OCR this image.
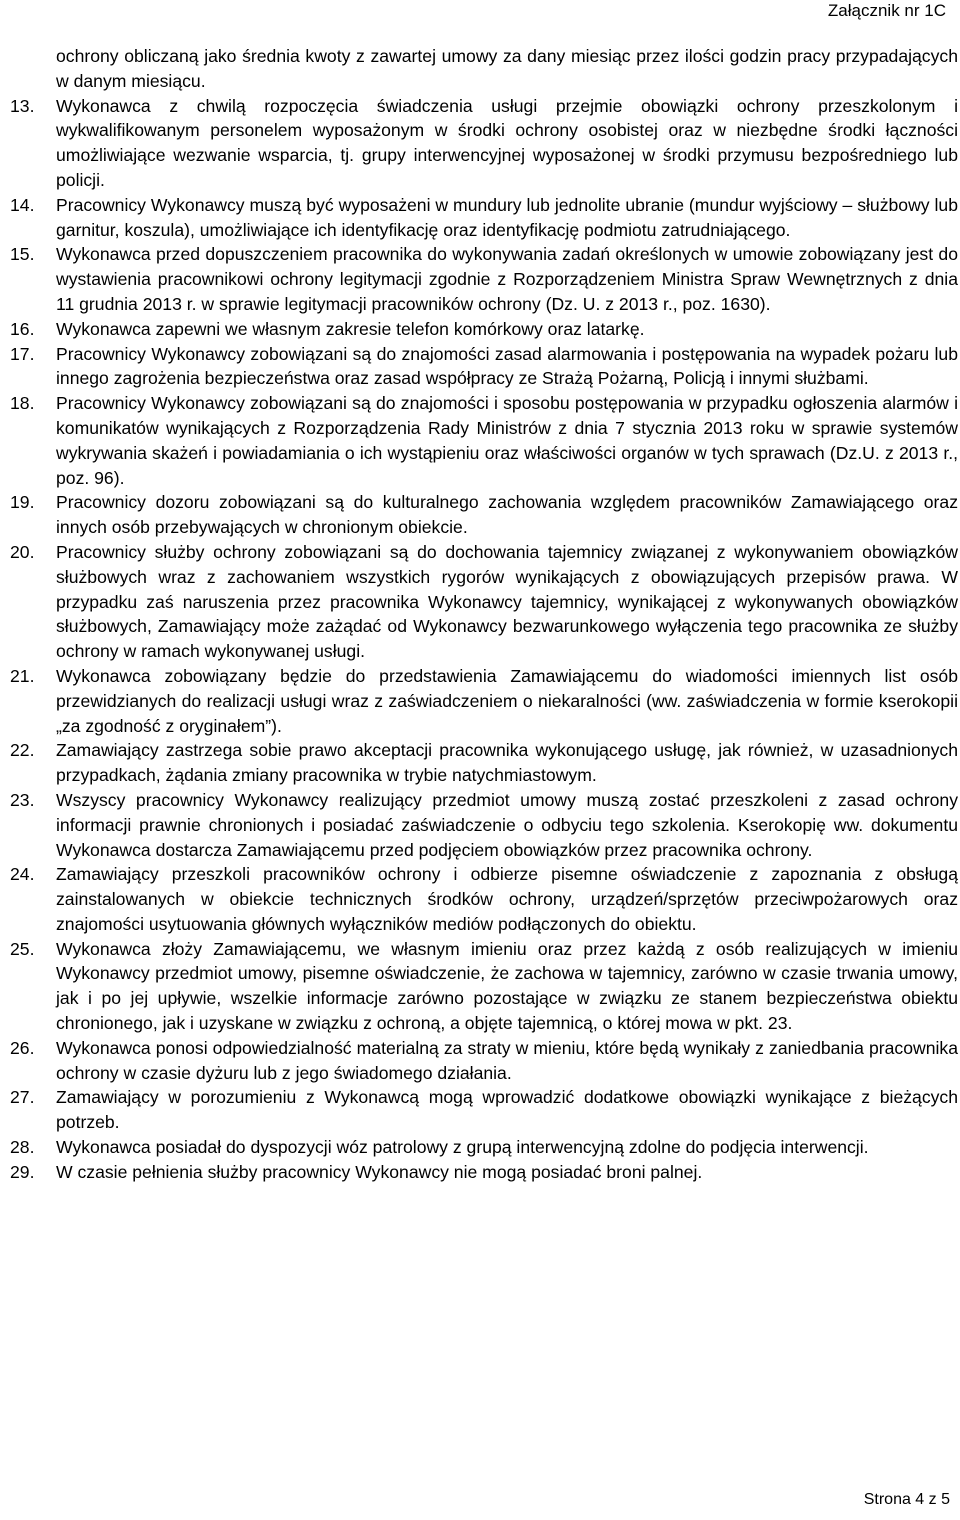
Załącznik nr 1C

ochrony obliczaną jako średnia kwoty z zawartej umowy za dany miesiąc przez ilości godzin pracy przypadających w danym miesiącu.

13.	Wykonawca z chwilą rozpoczęcia świadczenia usługi przejmie obowiązki ochrony przeszkolonym i wykwalifikowanym personelem wyposażonym w środki ochrony osobistej oraz w niezbędne środki łączności umożliwiające wezwanie wsparcia, tj. grupy interwencyjnej wyposażonej w środki przymusu bezpośredniego lub policji.
14.	Pracownicy Wykonawcy muszą być wyposażeni w mundury lub jednolite ubranie (mundur wyjściowy – służbowy lub garnitur, koszula), umożliwiające ich identyfikację oraz identyfikację podmiotu zatrudniającego.
15.	Wykonawca przed dopuszczeniem pracownika do wykonywania zadań określonych w umowie zobowiązany jest do wystawienia pracownikowi ochrony legitymacji zgodnie z Rozporządzeniem Ministra Spraw Wewnętrznych z dnia 11 grudnia 2013 r. w sprawie legitymacji pracowników ochrony (Dz. U. z 2013 r., poz. 1630).
16.	Wykonawca zapewni we własnym zakresie telefon komórkowy oraz latarkę.
17.	Pracownicy Wykonawcy zobowiązani są do znajomości zasad alarmowania i postępowania na wypadek pożaru lub innego zagrożenia bezpieczeństwa oraz zasad współpracy ze Strażą Pożarną, Policją i innymi służbami.
18.	Pracownicy Wykonawcy zobowiązani są do znajomości i sposobu postępowania w przypadku ogłoszenia alarmów i komunikatów wynikających z Rozporządzenia Rady Ministrów z dnia 7 stycznia 2013 roku w sprawie systemów wykrywania skażeń i powiadamiania o ich wystąpieniu oraz właściwości organów w tych sprawach (Dz.U. z 2013 r., poz. 96).
19.	Pracownicy dozoru zobowiązani są do kulturalnego zachowania względem pracowników Zamawiającego oraz innych osób przebywających w chronionym obiekcie.
20.	Pracownicy służby ochrony zobowiązani są do dochowania tajemnicy związanej z wykonywaniem obowiązków służbowych wraz z zachowaniem wszystkich rygorów wynikających z obowiązujących przepisów prawa. W przypadku zaś naruszenia przez pracownika Wykonawcy tajemnicy, wynikającej z wykonywanych obowiązków służbowych, Zamawiający może zażądać od Wykonawcy bezwarunkowego wyłączenia tego pracownika ze służby ochrony w ramach wykonywanej usługi.
21.	Wykonawca zobowiązany będzie do przedstawienia Zamawiającemu do wiadomości imiennych list osób przewidzianych do realizacji usługi wraz z zaświadczeniem o niekaralności (ww. zaświadczenia w formie kserokopii „za zgodność z oryginałem”).
22.	Zamawiający zastrzega sobie prawo akceptacji pracownika wykonującego usługę, jak również, w uzasadnionych przypadkach, żądania zmiany pracownika w trybie natychmiastowym.
23.	Wszyscy pracownicy Wykonawcy realizujący przedmiot umowy muszą zostać przeszkoleni z zasad ochrony informacji prawnie chronionych i posiadać zaświadczenie o odbyciu tego szkolenia. Kserokopię ww. dokumentu Wykonawca dostarcza Zamawiającemu przed podjęciem obowiązków przez pracownika ochrony.
24.	Zamawiający przeszkoli pracowników ochrony i odbierze pisemne oświadczenie z zapoznania z obsługą zainstalowanych w obiekcie technicznych środków ochrony, urządzeń/sprzętów przeciwpożarowych oraz znajomości usytuowania głównych wyłączników mediów podłączonych do obiektu.
25.	Wykonawca złoży Zamawiającemu, we własnym imieniu oraz przez każdą z osób realizujących w imieniu Wykonawcy przedmiot umowy, pisemne oświadczenie, że zachowa w tajemnicy, zarówno w czasie trwania umowy, jak i po jej upływie, wszelkie informacje zarówno pozostające w związku ze stanem bezpieczeństwa obiektu chronionego, jak i uzyskane w związku z ochroną, a objęte tajemnicą, o której mowa w pkt. 23.
26.	Wykonawca ponosi odpowiedzialność materialną za straty w mieniu, które będą wynikały z zaniedbania pracownika ochrony w czasie dyżuru lub z jego świadomego działania.
27.	Zamawiający w porozumieniu z Wykonawcą mogą wprowadzić dodatkowe obowiązki wynikające z bieżących potrzeb.
28.	Wykonawca posiadał do dyspozycji wóz patrolowy z grupą interwencyjną zdolne do podjęcia interwencji.
29.	W czasie pełnienia służby pracownicy Wykonawcy nie mogą posiadać broni palnej.
Strona 4 z 5
